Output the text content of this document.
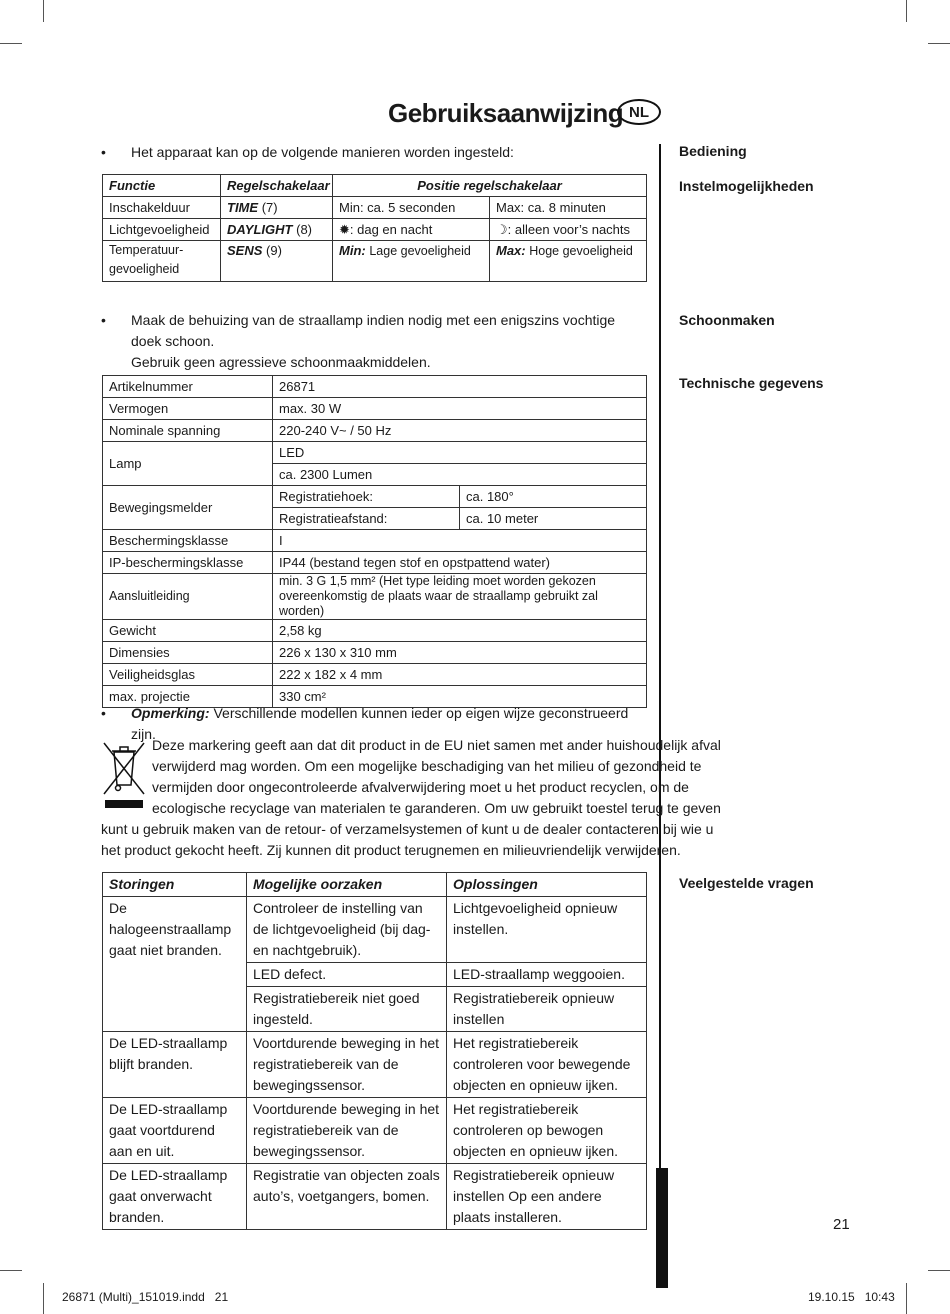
Gebruiksaanwijzing NL
Bediening
Instelmogelijkheden
Schoonmaken
Technische gegevens
Veelgestelde vragen
• Het apparaat kan op de volgende manieren worden ingesteld:
Functie	Regelschakelaar	Positie regelschakelaar	
Inschakelduur	TIME (7)	Min: ca. 5 seconden	Max: ca. 8 minuten
Lichtgevoeligheid	DAYLIGHT (8)	✹: dag en nacht	☽: alleen voor’s nachts
Temperatuur-
gevoeligheid	SENS (9)	Min: Lage gevoeligheid	Max: Hoge gevoeligheid
• Maak de behuizing van de straallamp indien nodig met een enigszins vochtige doek schoon.
Gebruik geen agressieve schoonmaakmiddelen.
Artikelnummer	26871	
Vermogen	max. 30 W	
Nominale spanning	220-240 V~ / 50 Hz	
Lamp	LED	
	ca. 2300 Lumen	
Bewegingsmelder	Registratiehoek:	ca. 180°
	Registratieafstand:	ca. 10 meter
Beschermingsklasse	I	
IP-beschermingsklasse	IP44 (bestand tegen stof en opstpattend water)	
Aansluitleiding	min. 3 G 1,5 mm² (Het type leiding moet worden gekozen
overeenkomstig de plaats waar de straallamp gebruikt zal worden)	
Gewicht	2,58 kg	
Dimensies	226 x 130 x 310 mm	
Veiligheidsglas	222 x 182 x 4 mm	
max. projectie	330 cm²	
• Opmerking: Verschillende modellen kunnen ieder op eigen wijze geconstrueerd zijn.
Deze markering geeft aan dat dit product in de EU niet samen met ander huishoudelijk afval
verwijderd mag worden. Om een mogelijke beschadiging van het milieu of gezondheid te
vermijden door ongecontroleerde afvalverwijdering moet u het product recyclen, om de
ecologische recyclage van materialen te garanderen. Om uw gebruikt toestel terug te geven
kunt u gebruik maken van de retour- of verzamelsystemen of kunt u de dealer contacteren bij wie u
het product gekocht heeft. Zij kunnen dit product terugnemen en milieuvriendelijk verwijderen.
Storingen	Mogelijke oorzaken	Oplossingen
De halogeenstraallamp gaat niet branden.	Controleer de instelling van de lichtgevoeligheid (bij dag- en nachtgebruik).	Lichtgevoeligheid opnieuw instellen.
	LED defect.	LED-straallamp weggooien.
	Registratiebereik niet goed ingesteld.	Registratiebereik opnieuw instellen
De LED-straallamp blijft branden.	Voortdurende beweging in het registratiebereik van de bewegingssensor.	Het registratiebereik controleren voor bewegende objecten en opnieuw ijken.
De LED-straallamp gaat voortdurend aan en uit.	Voortdurende beweging in het registratiebereik van de bewegingssensor.	Het registratiebereik controleren op bewogen objecten en opnieuw ijken.
De LED-straallamp gaat onverwacht branden.	Registratie van objecten zoals auto’s, voetgangers, bomen.	Registratiebereik opnieuw instellen Op een andere plaats installeren.	21
26871 (Multi)_151019.indd   21	19.10.15   10:43
